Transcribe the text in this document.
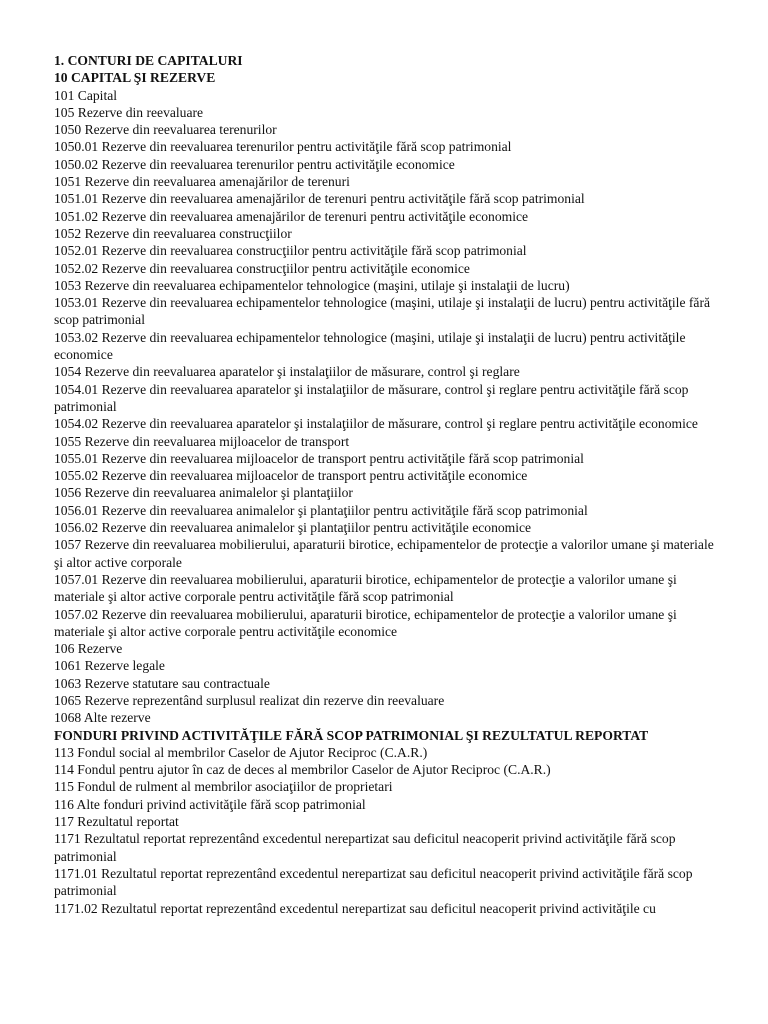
1. CONTURI DE CAPITALURI

10 CAPITAL ŞI REZERVE

101 Capital

105 Rezerve din reevaluare

1050 Rezerve din reevaluarea terenurilor

1050.01 Rezerve din reevaluarea terenurilor pentru activităţile fără scop patrimonial

1050.02 Rezerve din reevaluarea terenurilor pentru activităţile economice

1051 Rezerve din reevaluarea amenajărilor de terenuri

1051.01 Rezerve din reevaluarea amenajărilor de terenuri pentru activităţile fără scop patrimonial

1051.02 Rezerve din reevaluarea amenajărilor de terenuri pentru activităţile economice

1052 Rezerve din reevaluarea construcţiilor

1052.01 Rezerve din reevaluarea construcţiilor pentru activităţile fără scop patrimonial

1052.02 Rezerve din reevaluarea construcţiilor pentru activităţile economice

1053 Rezerve din reevaluarea echipamentelor tehnologice (maşini, utilaje şi instalaţii de lucru)

1053.01 Rezerve din reevaluarea echipamentelor tehnologice (maşini, utilaje şi instalaţii de lucru) pentru activităţile fără scop patrimonial

1053.02 Rezerve din reevaluarea echipamentelor tehnologice (maşini, utilaje şi instalaţii de lucru) pentru activităţile economice

1054 Rezerve din reevaluarea aparatelor şi instalaţiilor de măsurare, control şi reglare

1054.01 Rezerve din reevaluarea aparatelor şi instalaţiilor de măsurare, control şi reglare pentru activităţile fără scop patrimonial

1054.02 Rezerve din reevaluarea aparatelor şi instalaţiilor de măsurare, control şi reglare pentru activităţile economice

1055 Rezerve din reevaluarea mijloacelor de transport

1055.01 Rezerve din reevaluarea mijloacelor de transport pentru activităţile fără scop patrimonial

1055.02 Rezerve din reevaluarea mijloacelor de transport pentru activităţile economice

1056 Rezerve din reevaluarea animalelor şi plantaţiilor

1056.01 Rezerve din reevaluarea animalelor şi plantaţiilor pentru activităţile fără scop patrimonial

1056.02 Rezerve din reevaluarea animalelor şi plantaţiilor pentru activităţile economice

1057 Rezerve din reevaluarea mobilierului, aparaturii birotice, echipamentelor de protecţie a valorilor umane şi materiale şi altor active corporale

1057.01 Rezerve din reevaluarea mobilierului, aparaturii birotice, echipamentelor de protecţie a valorilor umane şi materiale şi altor active corporale pentru activităţile fără scop patrimonial

1057.02 Rezerve din reevaluarea mobilierului, aparaturii birotice, echipamentelor de protecţie a valorilor umane şi materiale şi altor active corporale pentru activităţile economice

106 Rezerve

1061 Rezerve legale

1063 Rezerve statutare sau contractuale

1065 Rezerve reprezentând surplusul realizat din rezerve din reevaluare

1068 Alte rezerve

FONDURI PRIVIND ACTIVITĂŢILE FĂRĂ SCOP PATRIMONIAL ŞI REZULTATUL REPORTAT

113 Fondul social al membrilor Caselor de Ajutor Reciproc (C.A.R.)

114 Fondul pentru ajutor în caz de deces al membrilor Caselor de Ajutor Reciproc (C.A.R.)

115 Fondul de rulment al membrilor asociaţiilor de proprietari

116 Alte fonduri privind activităţile fără scop patrimonial

117 Rezultatul reportat

1171 Rezultatul reportat reprezentând excedentul nerepartizat sau deficitul neacoperit privind activităţile fără scop patrimonial

1171.01 Rezultatul reportat reprezentând excedentul nerepartizat sau deficitul neacoperit privind activităţile fără scop patrimonial

1171.02 Rezultatul reportat reprezentând excedentul nerepartizat sau deficitul neacoperit privind activităţile cu
